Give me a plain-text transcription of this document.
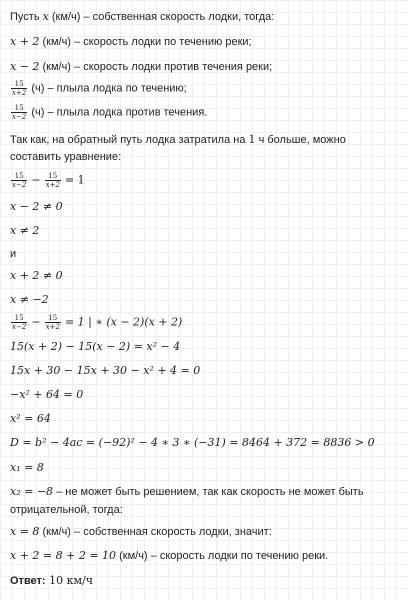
Пусть x (км/ч) – собственная скорость лодки, тогда:
x + 2 (км/ч) – скорость лодки по течению реки;
x − 2 (км/ч) – скорость лодки против течения реки;
$\frac{15}{x+2} (ч)$ – плыла лодка по течению;
$\frac{15}{x-2} (ч)$ – плыла лодка против течения.
Так как, на обратный путь лодка затратила на 1 ч больше, можно
составить уравнение:
$\frac{15}{x-2} - \frac{15}{x+2} = 1$
x − 2 ≠ 0
x ≠ 2
и
x + 2 ≠ 0
x ≠ −2
$\frac{15}{x-2} - \frac{15}{x+2} = 1$ | ∗ (x − 2)(x + 2)
15(x + 2) − 15(x − 2) = x² − 4
15x + 30 − 15x + 30 − x² + 4 = 0
−x² + 64 = 0
x² = 64
D = b² − 4ac = (−92)² − 4 ∗ 3 ∗ (−31) = 8464 + 372 = 8836 > 0
x₁ = 8
x₂ = −8 – не может быть решением, так как скорость не может быть
отрицательной, тогда:
x = 8 (км/ч) – собственная скорость лодки, значит:
x + 2 = 8 + 2 = 10 (км/ч) – скорость лодки по течению реки.
Ответ: 10 км/ч
